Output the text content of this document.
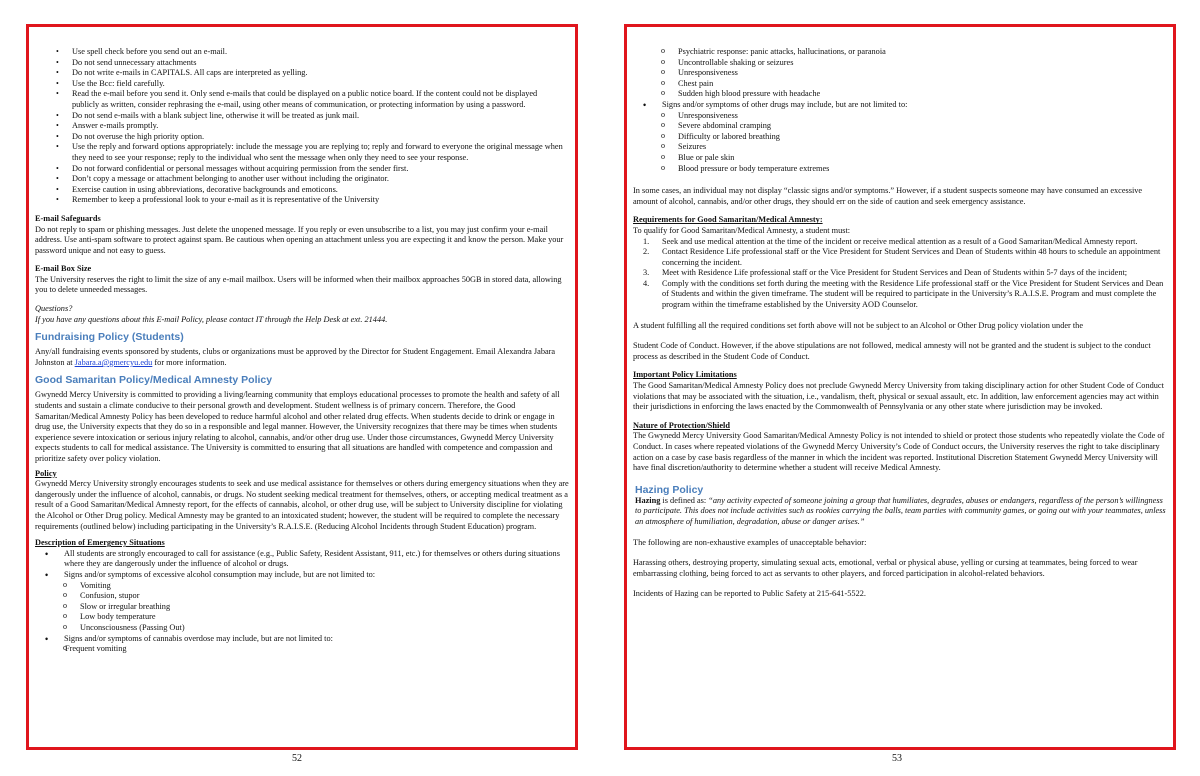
• Use spell check before you send out an e-mail.
• Do not send unnecessary attachments
• Do not write e-mails in CAPITALS. All caps are interpreted as yelling.
• Use the Bcc: field carefully.
• Read the e-mail before you send it. Only send e-mails that could be displayed on a public notice board. If the content could not be displayed publicly as written, consider rephrasing the e-mail, using other means of communication, or protecting information by using a password.
• Do not send e-mails with a blank subject line, otherwise it will be treated as junk mail.
• Answer e-mails promptly.
• Do not overuse the high priority option.
• Use the reply and forward options appropriately: include the message you are replying to; reply and forward to everyone the original message when they need to see your response; reply to the individual who sent the message when only they need to see your response.
• Do not forward confidential or personal messages without acquiring permission from the sender first.
• Don’t copy a message or attachment belonging to another user without including the originator.
• Exercise caution in using abbreviations, decorative backgrounds and emoticons.
• Remember to keep a professional look to your e-mail as it is representative of the University

E-mail Safeguards

Do not reply to spam or phishing messages. Just delete the unopened message. If you reply or even unsubscribe to a list, you may just confirm your e-mail address. Use anti-spam software to protect against spam. Be cautious when opening an attachment unless you are expecting it and know the person. Make your password unique and not easy to guess.

E-mail Box Size

The University reserves the right to limit the size of any e-mail mailbox. Users will be informed when their mailbox approaches 50GB in stored data, allowing you to delete unneeded messages.

Questions?

If you have any questions about this E-mail Policy, please contact IT through the Help Desk at ext. 21444.

Fundraising Policy (Students)

Any/all fundraising events sponsored by students, clubs or organizations must be approved by the Director for Student Engagement. Email Alexandra Jabara Johnston at Jabara.a@gmercyu.edu for more information.

Good Samaritan Policy/Medical Amnesty Policy

Gwynedd Mercy University is committed to providing a living/learning community that employs educational processes to promote the health and safety of all students and sustain a climate conducive to their personal growth and development. Student wellness is of primary concern. Therefore, the Good Samaritan/Medical Amnesty Policy has been developed to reduce harmful alcohol and other related drug effects. When students decide to drink or engage in drug use, the University expects that they do so in a responsible and legal manner. However, the University recognizes that there may be times when students experience severe intoxication or serious injury relating to alcohol, cannabis, and/or other drug use. Under those circumstances, Gwynedd Mercy University expects students to call for medical assistance. The University is committed to ensuring that all situations are handled with competence and compassion and prioritize safety over policy violation.

Policy

Gwynedd Mercy University strongly encourages students to seek and use medical assistance for themselves or others during emergency situations when they are dangerously under the influence of alcohol, cannabis, or drugs. No student seeking medical treatment for themselves, others, or accepting medical treatment as a result of a Good Samaritan/Medical Amnesty report, for the effects of cannabis, alcohol, or other drug use, will be subject to University discipline for violating the Alcohol or Other Drug policy. Medical Amnesty may be granted to an intoxicated student; however, the student will be required to complete the necessary requirements (outlined below) including participating in the University’s R.A.I.S.E. (Reducing Alcohol Incidents through Student Education) program.

Description of Emergency Situations

• All students are strongly encouraged to call for assistance (e.g., Public Safety, Resident Assistant, 911, etc.) for themselves or others during situations where they are dangerously under the influence of alcohol or drugs.
• Signs and/or symptoms of excessive alcohol consumption may include, but are not limited to:
o Vomiting
o Confusion, stupor
o Slow or irregular breathing
o Low body temperature
o Unconsciousness (Passing Out)
• Signs and/or symptoms of cannabis overdose may include, but are not limited to:
o Frequent vomiting
52
o Psychiatric response: panic attacks, hallucinations, or paranoia
o Uncontrollable shaking or seizures
o Unresponsiveness
o Chest pain
o Sudden high blood pressure with headache
• Signs and/or symptoms of other drugs may include, but are not limited to:
o Unresponsiveness
o Severe abdominal cramping
o Difficulty or labored breathing
o Seizures
o Blue or pale skin
o Blood pressure or body temperature extremes

In some cases, an individual may not display “classic signs and/or symptoms.” However, if a student suspects someone may have consumed an excessive amount of alcohol, cannabis, and/or other drugs, they should err on the side of caution and seek emergency assistance.

Requirements for Good Samaritan/Medical Amnesty:

To qualify for Good Samaritan/Medical Amnesty, a student must:

1. Seek and use medical attention at the time of the incident or receive medical attention as a result of a Good Samaritan/Medical Amnesty report.
2. Contact Residence Life professional staff or the Vice President for Student Services and Dean of Students within 48 hours to schedule an appointment concerning the incident.
3. Meet with Residence Life professional staff or the Vice President for Student Services and Dean of Students within 5-7 days of the incident;
4. Comply with the conditions set forth during the meeting with the Residence Life professional staff or the Vice President for Student Services and Dean of Students and within the given timeframe. The student will be required to participate in the University’s R.A.I.S.E. Program and must complete the program within the timeframe established by the University AOD Counselor.

A student fulfilling all the required conditions set forth above will not be subject to an Alcohol or Other Drug policy violation under the

Student Code of Conduct. However, if the above stipulations are not followed, medical amnesty will not be granted and the student is subject to the conduct process as described in the Student Code of Conduct.

Important Policy Limitations

The Good Samaritan/Medical Amnesty Policy does not preclude Gwynedd Mercy University from taking disciplinary action for other Student Code of Conduct violations that may be associated with the situation, i.e., vandalism, theft, physical or sexual assault, etc. In addition, law enforcement agencies may act within their jurisdictions in enforcing the laws enacted by the Commonwealth of Pennsylvania or any other state where jurisdiction may be invoked.

Nature of Protection/Shield

The Gwynedd Mercy University Good Samaritan/Medical Amnesty Policy is not intended to shield or protect those students who repeatedly violate the Code of Conduct. In cases where repeated violations of the Gwynedd Mercy University’s Code of Conduct occurs, the University reserves the right to take disciplinary action on a case by case basis regardless of the manner in which the incident was reported. Institutional Discretion Statement Gwynedd Mercy University will have final discretion/authority to determine whether a student will receive Medical Amnesty.

Hazing Policy

Hazing is defined as: “any activity expected of someone joining a group that humiliates, degrades, abuses or endangers, regardless of the person’s willingness to participate. This does not include activities such as rookies carrying the balls, team parties with community games, or going out with your teammates, unless an atmosphere of humiliation, degradation, abuse or danger arises.”

The following are non-exhaustive examples of unacceptable behavior:

Harassing others, destroying property, simulating sexual acts, emotional, verbal or physical abuse, yelling or cursing at teammates, being forced to wear embarrassing clothing, being forced to act as servants to other players, and forced participation in alcohol-related behaviors.

Incidents of Hazing can be reported to Public Safety at 215-641-5522.

53
